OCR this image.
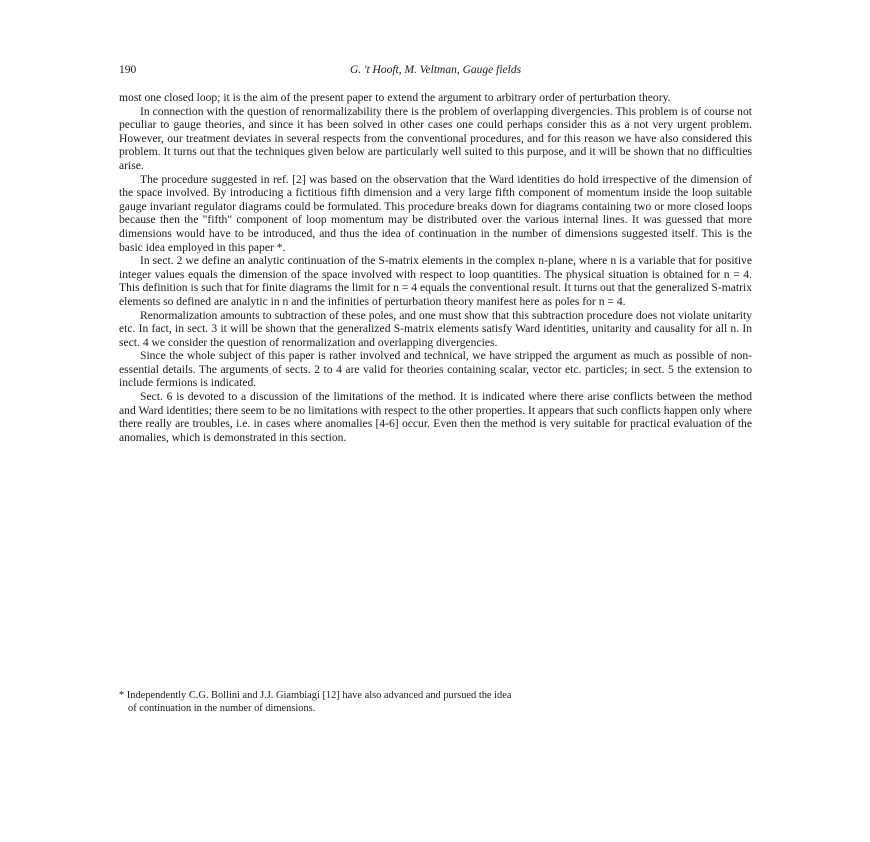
190	G. 't Hooft, M. Veltman, Gauge fields

most one closed loop; it is the aim of the present paper to extend the argument to arbitrary order of perturbation theory.

In connection with the question of renormalizability there is the problem of overlapping divergencies. This problem is of course not peculiar to gauge theories, and since it has been solved in other cases one could perhaps consider this as a not very urgent problem. However, our treatment deviates in several respects from the conventional procedures, and for this reason we have also considered this problem. It turns out that the techniques given below are particularly well suited to this purpose, and it will be shown that no difficulties arise.

The procedure suggested in ref. [2] was based on the observation that the Ward identities do hold irrespective of the dimension of the space involved. By introducing a fictitious fifth dimension and a very large fifth component of momentum inside the loop suitable gauge invariant regulator diagrams could be formulated. This procedure breaks down for diagrams containing two or more closed loops because then the "fifth" component of loop momentum may be distributed over the various internal lines. It was guessed that more dimensions would have to be introduced, and thus the idea of continuation in the number of dimensions suggested itself. This is the basic idea employed in this paper *.

In sect. 2 we define an analytic continuation of the S-matrix elements in the complex n-plane, where n is a variable that for positive integer values equals the dimension of the space involved with respect to loop quantities. The physical situation is obtained for n = 4. This definition is such that for finite diagrams the limit for n = 4 equals the conventional result. It turns out that the generalized S-matrix elements so defined are analytic in n and the infinities of perturbation theory manifest here as poles for n = 4.

Renormalization amounts to subtraction of these poles, and one must show that this subtraction procedure does not violate unitarity etc. In fact, in sect. 3 it will be shown that the generalized S-matrix elements satisfy Ward identities, unitarity and causality for all n. In sect. 4 we consider the question of renormalization and overlapping divergencies.

Since the whole subject of this paper is rather involved and technical, we have stripped the argument as much as possible of non-essential details. The arguments of sects. 2 to 4 are valid for theories containing scalar, vector etc. particles; in sect. 5 the extension to include fermions is indicated.

Sect. 6 is devoted to a discussion of the limitations of the method. It is indicated where there arise conflicts between the method and Ward identities; there seem to be no limitations with respect to the other properties. It appears that such conflicts happen only where there really are troubles, i.e. in cases where anomalies [4-6] occur. Even then the method is very suitable for practical evaluation of the anomalies, which is demonstrated in this section.

* Independently C.G. Bollini and J.J. Giambiagi [12] have also advanced and pursued the idea
of continuation in the number of dimensions.
